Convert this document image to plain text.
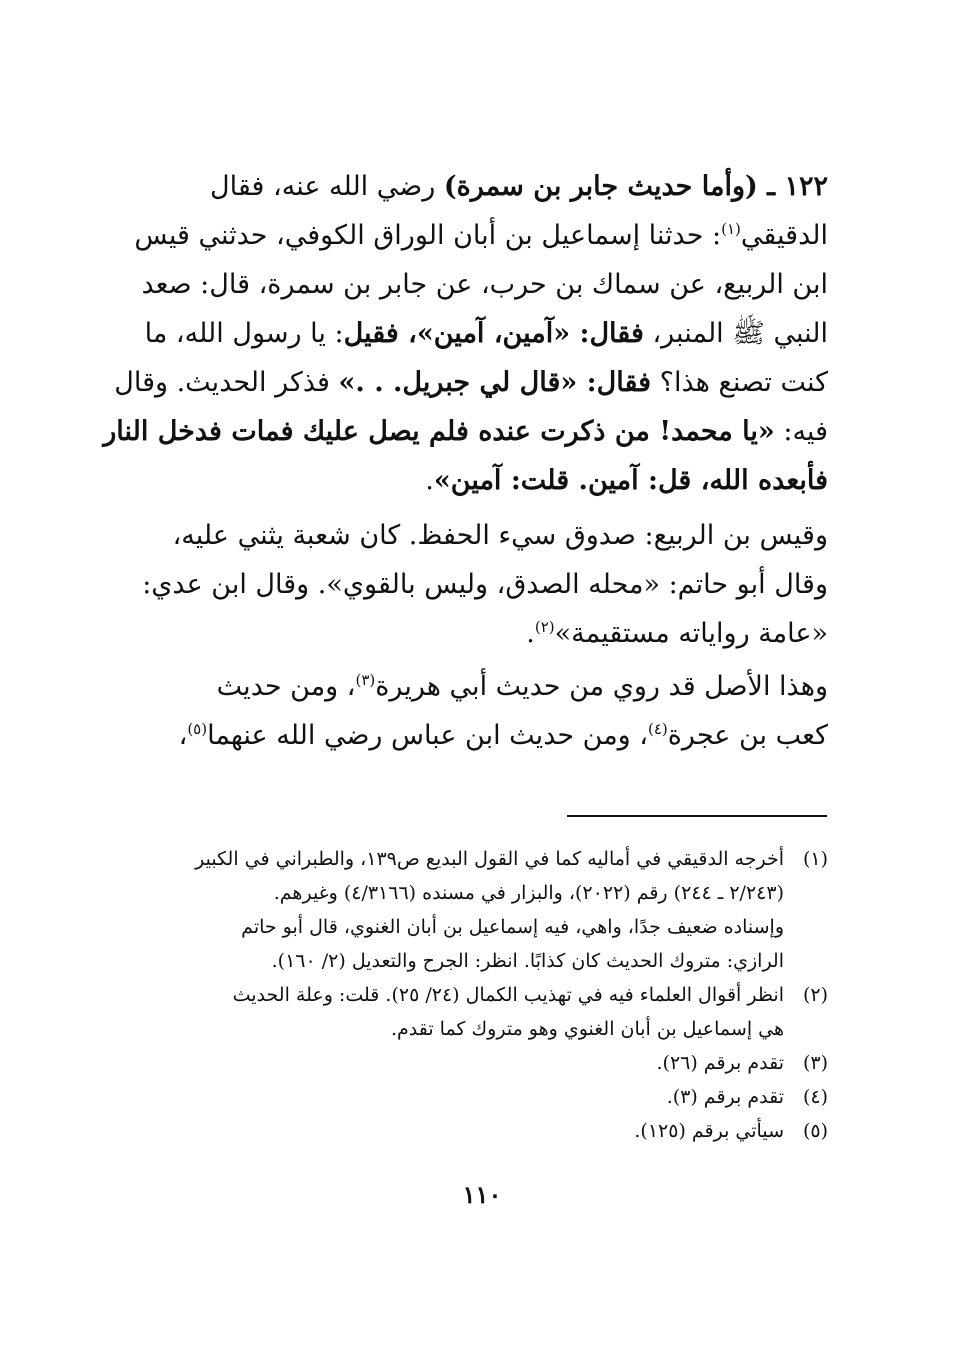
١٢٢ ـ (وأما حديث جابر بن سمرة) رضي الله عنه، فقال
الدقيقي$^{(١)}$: حدثنا إسماعيل بن أبان الوراق الكوفي، حدثني قيس
ابن الربيع، عن سماك بن حرب، عن جابر بن سمرة، قال: صعد
النبي ﷺ المنبر، فقال: «آمين، آمين»، فقيل: يا رسول الله، ما
كنت تصنع هذا؟ فقال: «قال لي جبريل. . .» فذكر الحديث. وقال
فيه: «يا محمد! من ذكرت عنده فلم يصل عليك فمات فدخل النار
فأبعده الله، قل: آمين. قلت: آمين».

وقيس بن الربيع: صدوق سيء الحفظ. كان شعبة يثني عليه،
وقال أبو حاتم: «محله الصدق، وليس بالقوي». وقال ابن عدي:
«عامة رواياته مستقيمة»$^{(٢)}$.

وهذا الأصل قد روي من حديث أبي هريرة$^{(٣)}$، ومن حديث
كعب بن عجرة$^{(٤)}$، ومن حديث ابن عباس رضي الله عنهما$^{(٥)}$،

(١)
أخرجه الدقيقي في أماليه كما في القول البديع ص١٣٩، والطبراني في الكبير
(٢/٢٤٣ ـ ٢٤٤) رقم (٢٠٢٢)، والبزار في مسنده (٤/٣١٦٦) وغيرهم.
وإسناده ضعيف جدًا، واهي، فيه إسماعيل بن أبان الغنوي، قال أبو حاتم
الرازي: متروك الحديث كان كذابًا. انظر: الجرح والتعديل (٢/ ١٦٠).
(٢)
انظر أقوال العلماء فيه في تهذيب الكمال (٢٤/ ٢٥). قلت: وعلة الحديث
هي إسماعيل بن أبان الغنوي وهو متروك كما تقدم.
(٣)
تقدم برقم (٢٦).
(٤)
تقدم برقم (٣).
(٥)
سيأتي برقم (١٢٥).
١١٠
